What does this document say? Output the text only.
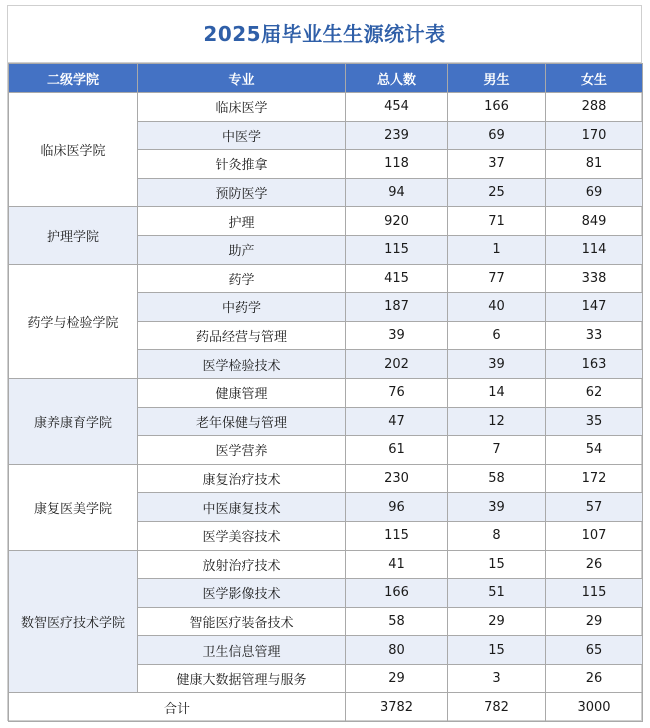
2025届毕业生生源统计表
二级学院	专业	总人数	男生	女生
临床医学院	临床医学	454	166	288
	中医学	239	69	170
	针灸推拿	118	37	81
	预防医学	94	25	69
护理学院	护理	920	71	849
	助产	115	1	114
药学与检验学院	药学	415	77	338
	中药学	187	40	147
	药品经营与管理	39	6	33
	医学检验技术	202	39	163
康养康育学院	健康管理	76	14	62
	老年保健与管理	47	12	35
	医学营养	61	7	54
康复医美学院	康复治疗技术	230	58	172
	中医康复技术	96	39	57
	医学美容技术	115	8	107
数智医疗技术学院	放射治疗技术	41	15	26
	医学影像技术	166	51	115
	智能医疗装备技术	58	29	29
	卫生信息管理	80	15	65
	健康大数据管理与服务	29	3	26
合计		3782	782	3000
